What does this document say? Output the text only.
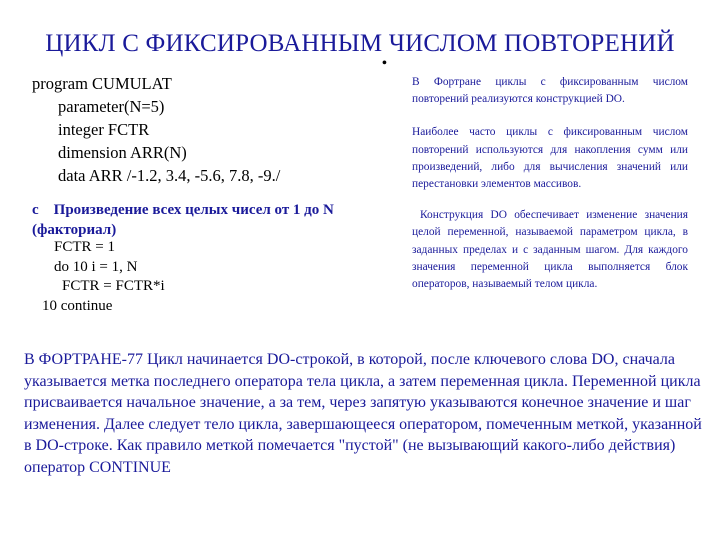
ЦИКЛ С ФИКСИРОВАННЫМ ЧИСЛОМ ПОВТОРЕНИЙ
•
program CUMULAT
parameter(N=5)
integer FCTR
dimension ARR(N)
data ARR /-1.2, 3.4, -5.6, 7.8, -9./
c    Произведение всех целых чисел от 1 до N
(факториал)
FCTR = 1
do 10 i = 1, N
FCTR = FCTR*i
10 continue

В Фортране циклы с фиксированным числом повторений реализуются конструкцией DO.

Наиболее часто циклы с фиксированным числом повторений используются для накопления сумм или произведений, либо для вычисления значений или перестановки элементов массивов.

Конструкция DO обеспечивает изменение значения целой переменной, называемой параметром цикла, в заданных пределах и с заданным шагом. Для каждого значения переменной цикла выполняется блок операторов, называемый телом цикла.

В ФОРТРАНЕ-77 Цикл начинается DO-строкой, в которой, после ключевого слова DO, сначала указывается метка последнего оператора тела цикла, а затем переменная цикла. Переменной цикла присваивается начальное значение, а за тем, через запятую указываются конечное значение и шаг изменения. Далее следует тело цикла, завершающееся оператором, помеченным меткой, указанной в DO-строке. Как правило меткой помечается "пустой" (не вызывающий какого-либо действия) оператор CONTINUE
